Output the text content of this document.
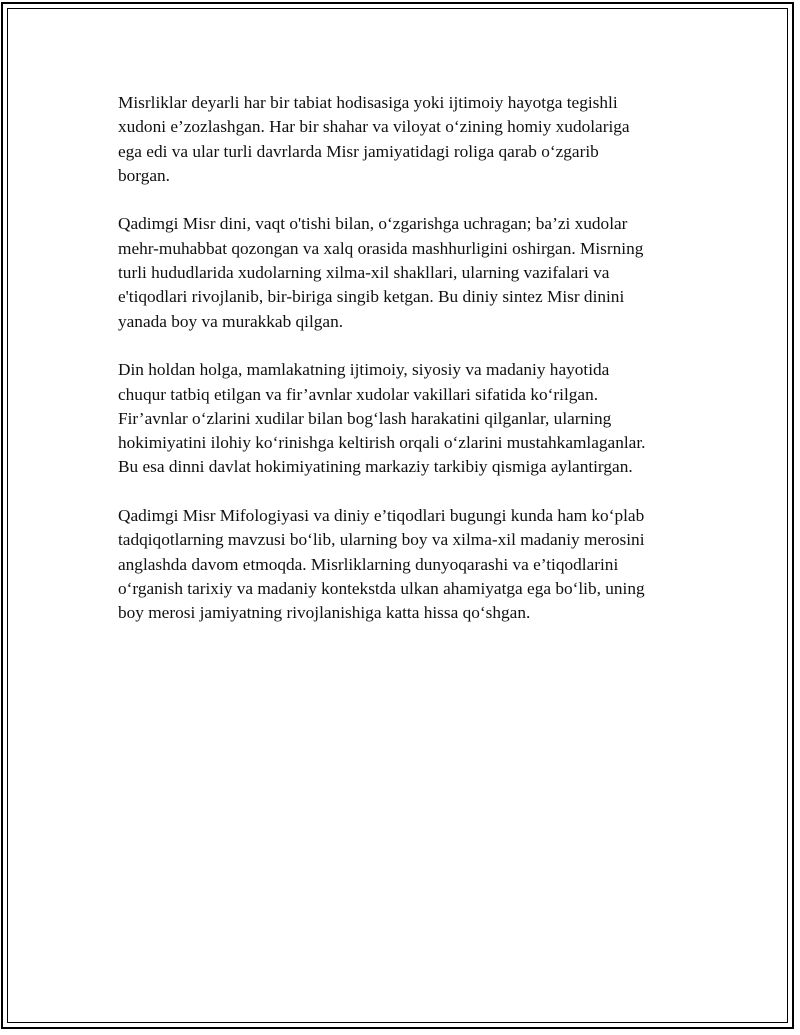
Misrliklar deyarli har bir tabiat hodisasiga yoki ijtimoiy hayotga tegishli
xudoni e’zozlashgan. Har bir shahar va viloyat o‘zining homiy xudolariga
ega edi va ular turli davrlarda Misr jamiyatidagi roliga qarab o‘zgarib
borgan.

Qadimgi Misr dini, vaqt o'tishi bilan, o‘zgarishga uchragan; ba’zi xudolar
mehr-muhabbat qozongan va xalq orasida mashhurligini oshirgan. Misrning
turli hududlarida xudolarning xilma-xil shakllari, ularning vazifalari va
e'tiqodlari rivojlanib, bir-biriga singib ketgan. Bu diniy sintez Misr dinini
yanada boy va murakkab qilgan.

Din holdan holga, mamlakatning ijtimoiy, siyosiy va madaniy hayotida
chuqur tatbiq etilgan va fir’avnlar xudolar vakillari sifatida ko‘rilgan.
Fir’avnlar o‘zlarini xudilar bilan bog‘lash harakatini qilganlar, ularning
hokimiyatini ilohiy ko‘rinishga keltirish orqali o‘zlarini mustahkamlaganlar.
Bu esa dinni davlat hokimiyatining markaziy tarkibiy qismiga aylantirgan.

Qadimgi Misr Mifologiyasi va diniy e’tiqodlari bugungi kunda ham ko‘plab
tadqiqotlarning mavzusi bo‘lib, ularning boy va xilma-xil madaniy merosini
anglashda davom etmoqda. Misrliklarning dunyoqarashi va e’tiqodlarini
o‘rganish tarixiy va madaniy kontekstda ulkan ahamiyatga ega bo‘lib, uning
boy merosi jamiyatning rivojlanishiga katta hissa qo‘shgan.
